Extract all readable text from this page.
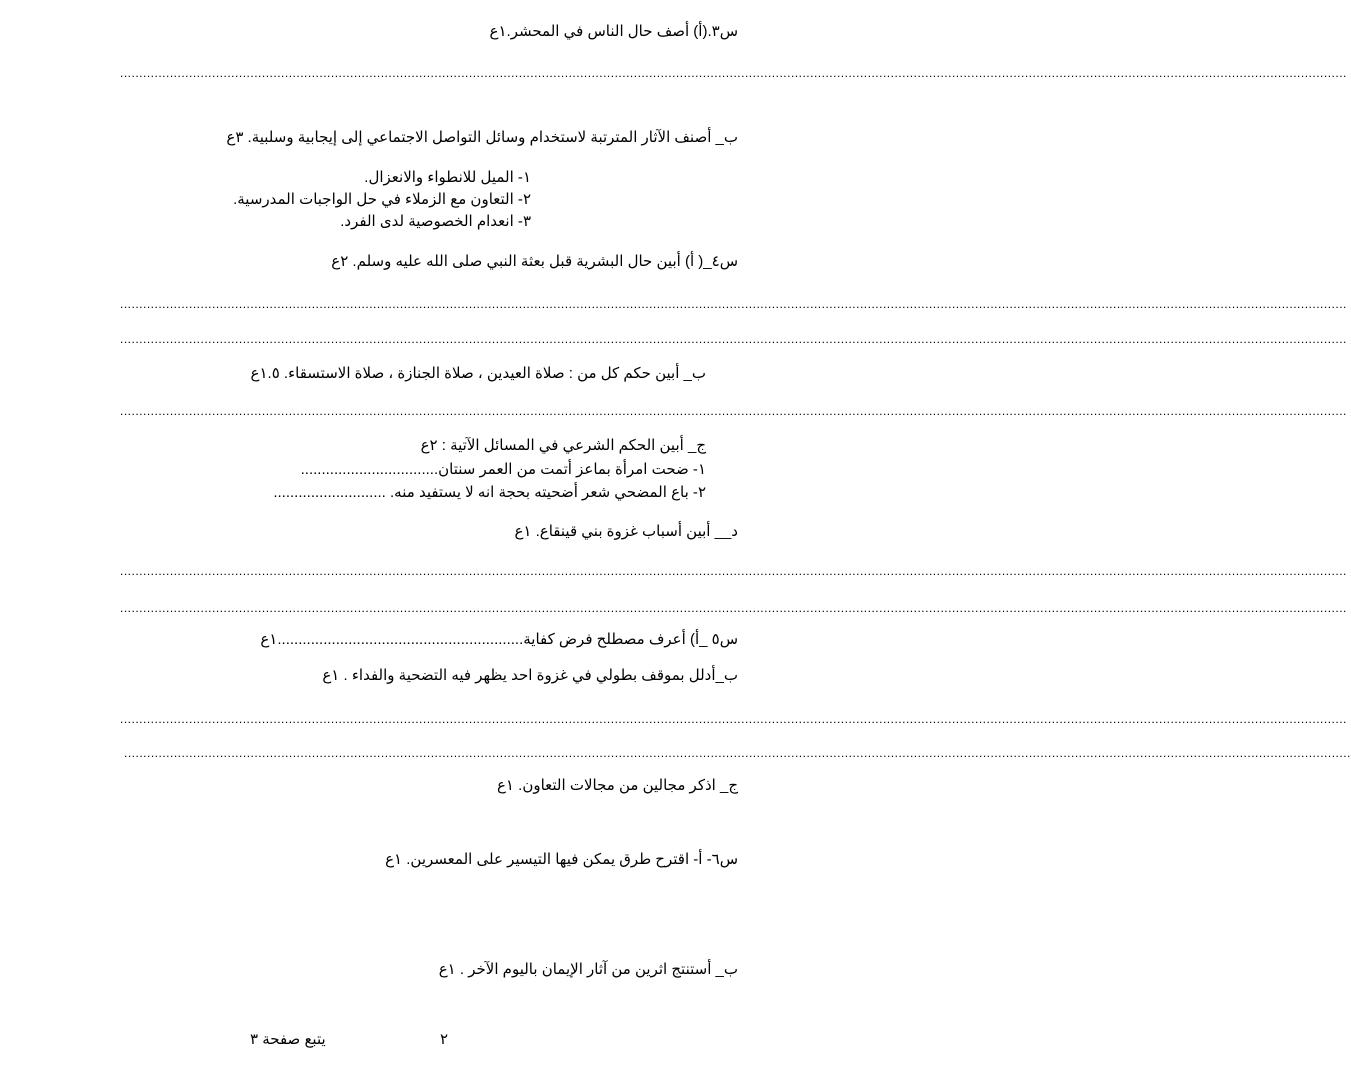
س٣.(أ) أصف حال الناس في المحشر.١ع
................................................................................................................................................................................................................................................................................................................................
ب_ أصنف الآثار المترتبة لاستخدام وسائل التواصل الاجتماعي إلى إيجابية وسلبية. ٣ع
١- الميل للانطواء والانعزال.
٢- التعاون مع الزملاء في حل الواجبات المدرسية.
٣- انعدام الخصوصية لدى الفرد.
س٤_( أ) أبين حال البشرية قبل بعثة النبي صلى الله عليه وسلم. ٢ع
................................................................................................................................................................................................................................................................................................................................
................................................................................................................................................................................................................................................................................................................................
ب_ أبين حكم كل من : صلاة العيدين ، صلاة الجنازة ، صلاة الاستسقاء. ١.٥ع
................................................................................................................................................................................................................................................................................................................................
ج_ أبين الحكم الشرعي في المسائل الآتية : ٢ع
١- ضحت امرأة بماعز أتمت من العمر سنتان.................................
٢- باع المضحي شعر أضحيته بحجة انه لا يستفيد منه. ...........................
د__ أبين أسباب غزوة بني قينقاع. ١ع
................................................................................................................................................................................................................................................................................................................................
................................................................................................................................................................................................................................................................................................................................
س٥ _أ) أعرف مصطلح فرض كفاية...........................................................١ع
ب_أدلل بموقف بطولي في غزوة احد يظهر فيه التضحية والفداء . ١ع
................................................................................................................................................................................................................................................................................................................................
................................................................................................................................................................................................................................................................................................................................
ج_ اذكر مجالين من مجالات التعاون. ١ع
س٦- أ- اقترح طرق يمكن فيها التيسير على المعسرين. ١ع
ب_ أستنتج اثرين من آثار الإيمان باليوم الآخر . ١ع
٢
يتبع صفحة ٣
